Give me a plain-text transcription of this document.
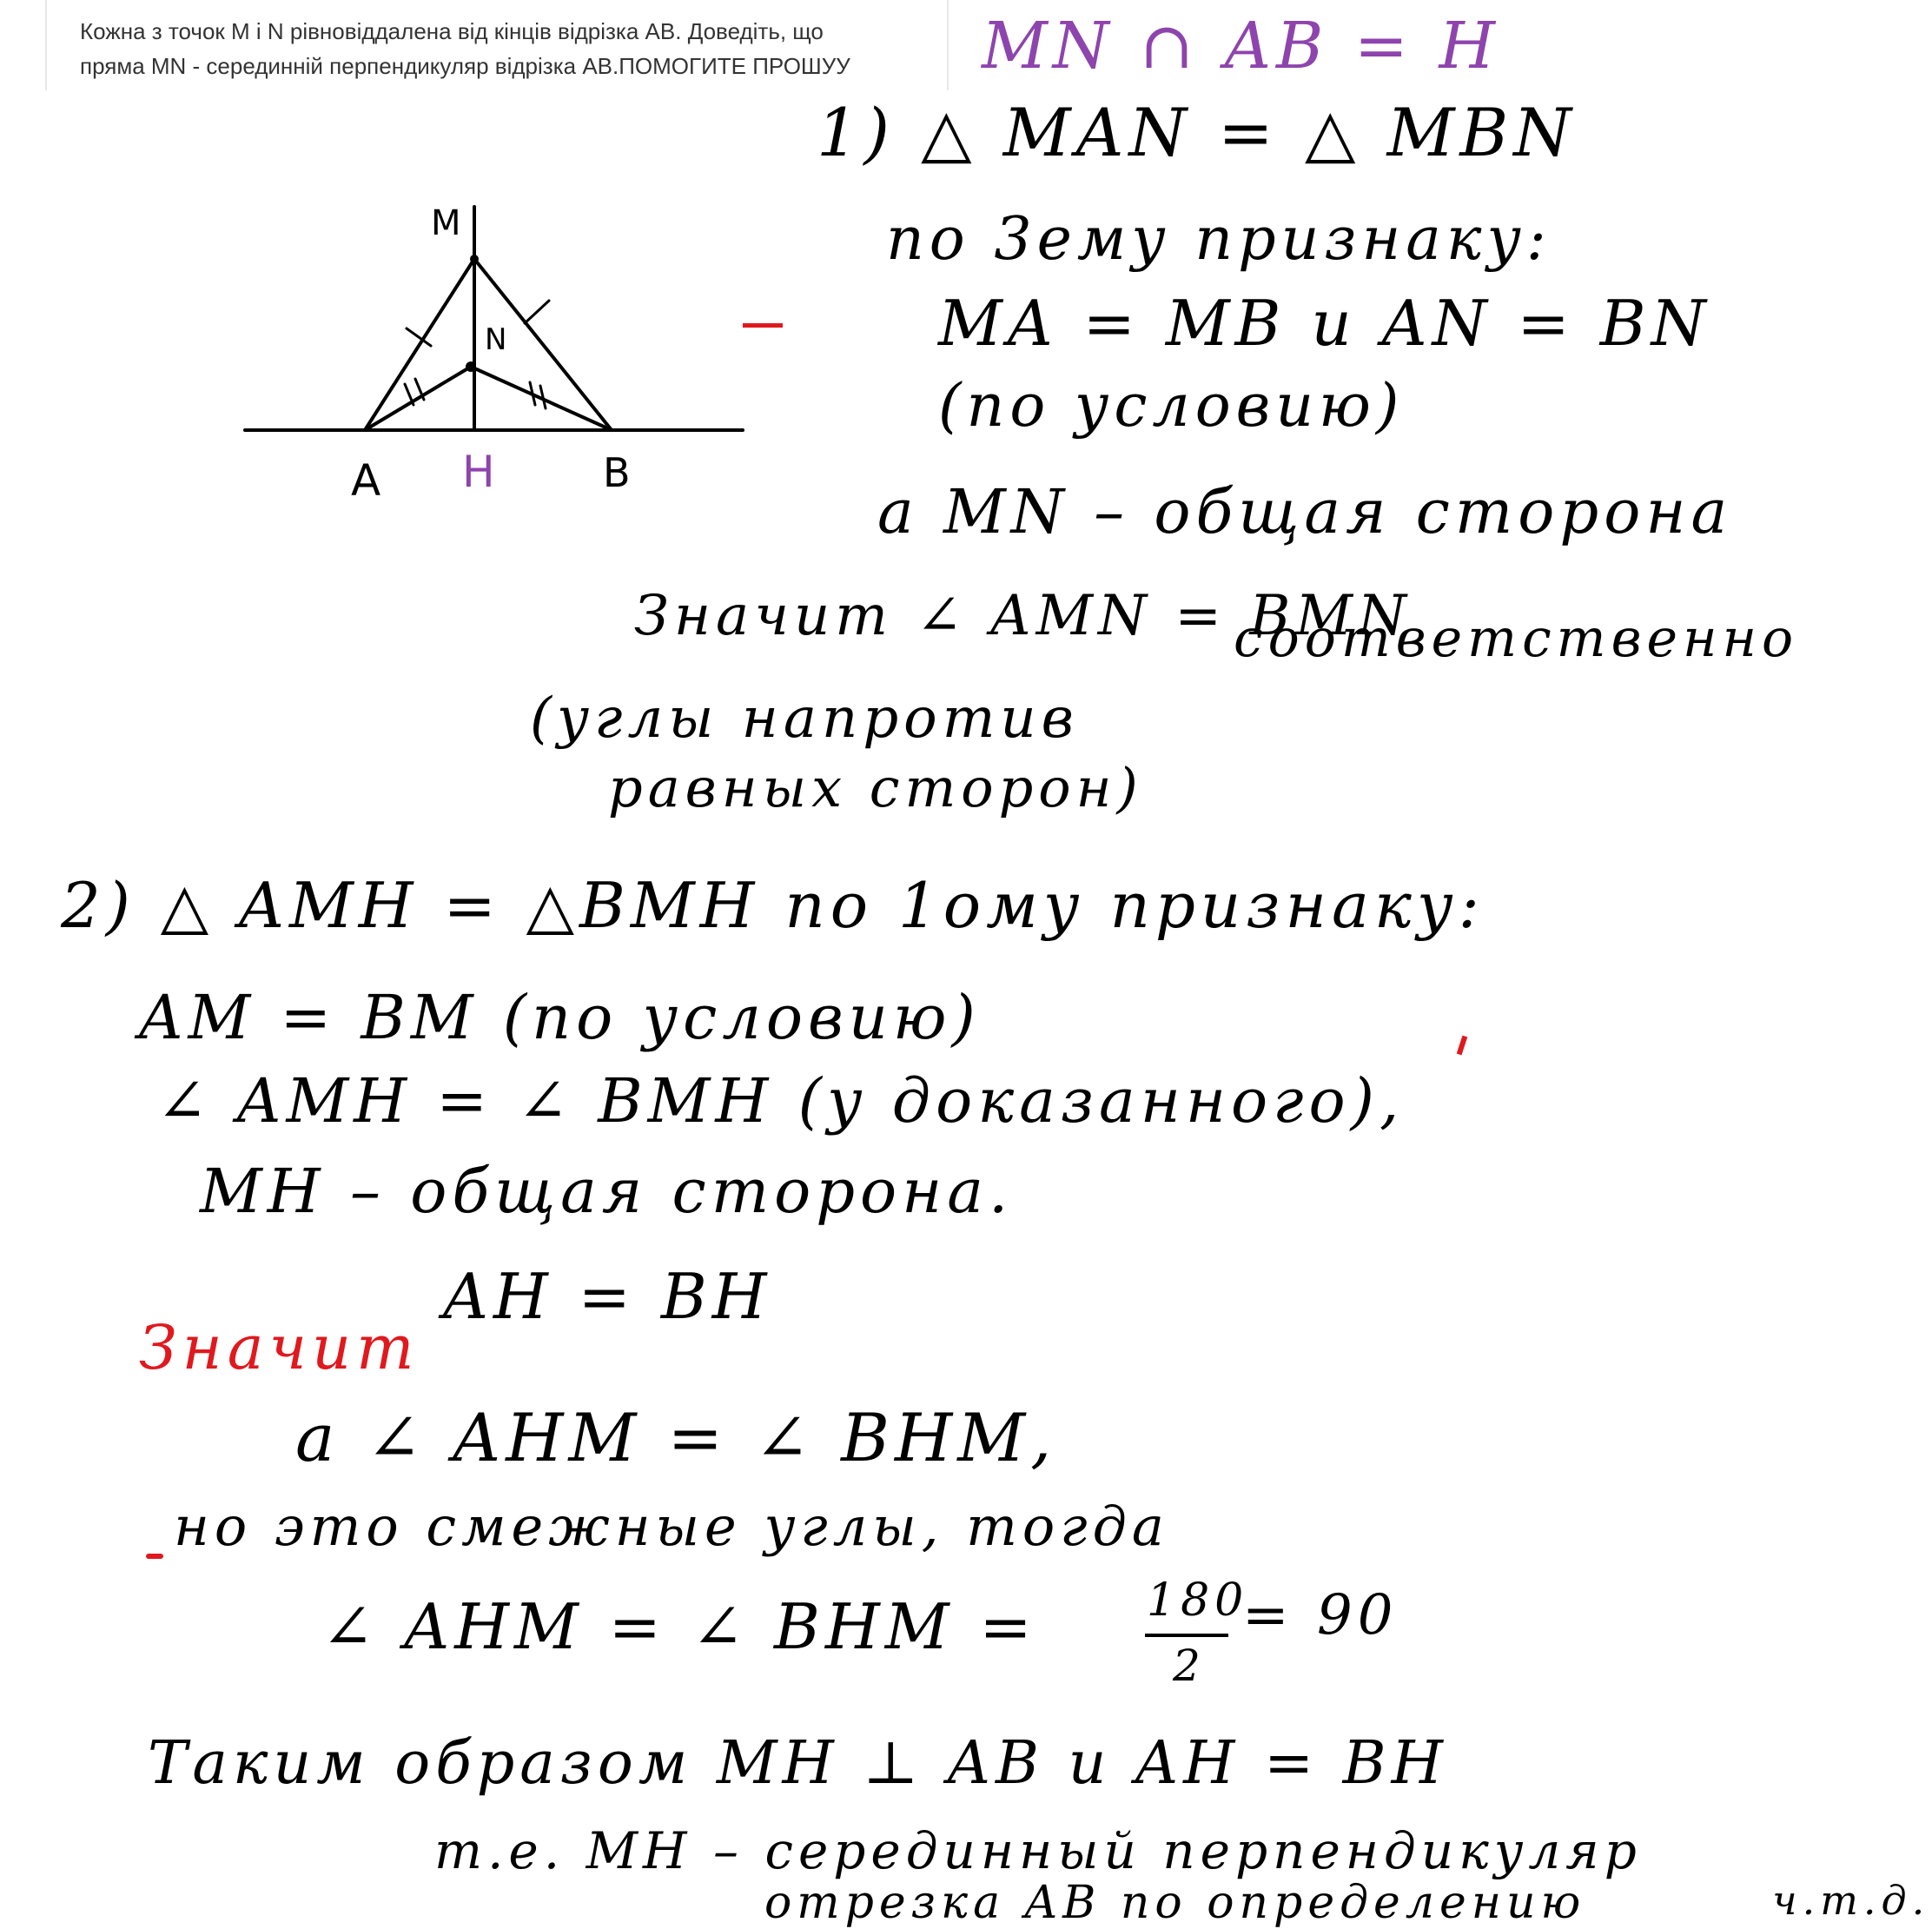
Кожна з точок M і N рівновіддалена від кінців відрізка AB. Доведіть, що
пряма MN - серединній перпендикуляр відрізка AB.ПОМОГИТЕ ПРОШУУ	MN ∩ AB = H
M
N
A H	B
1) △ MAN = △ MBN
по 3ему признаку:
MA = MB и AN = BN
(по условию)
а MN – общая сторона
Значит ∠ AMN = BMN
соответственно
(углы напротив
равных сторон)
2) △ AMH = △BMH по 1ому признаку:
AM = BM (по условию)
∠ AMH = ∠ BMH (у доказанного),
MH – общая сторона.
AH = BH
Значит
а ∠ AHM = ∠ BHM,
но это смежные углы, тогда
∠ AHM = ∠ BHM = 180
2
= 90
Таким образом MH ⊥ AB и AH = BH
т.е. MH – серединный перпендикуляр
отрезка AB по определению	ч.т.д.
